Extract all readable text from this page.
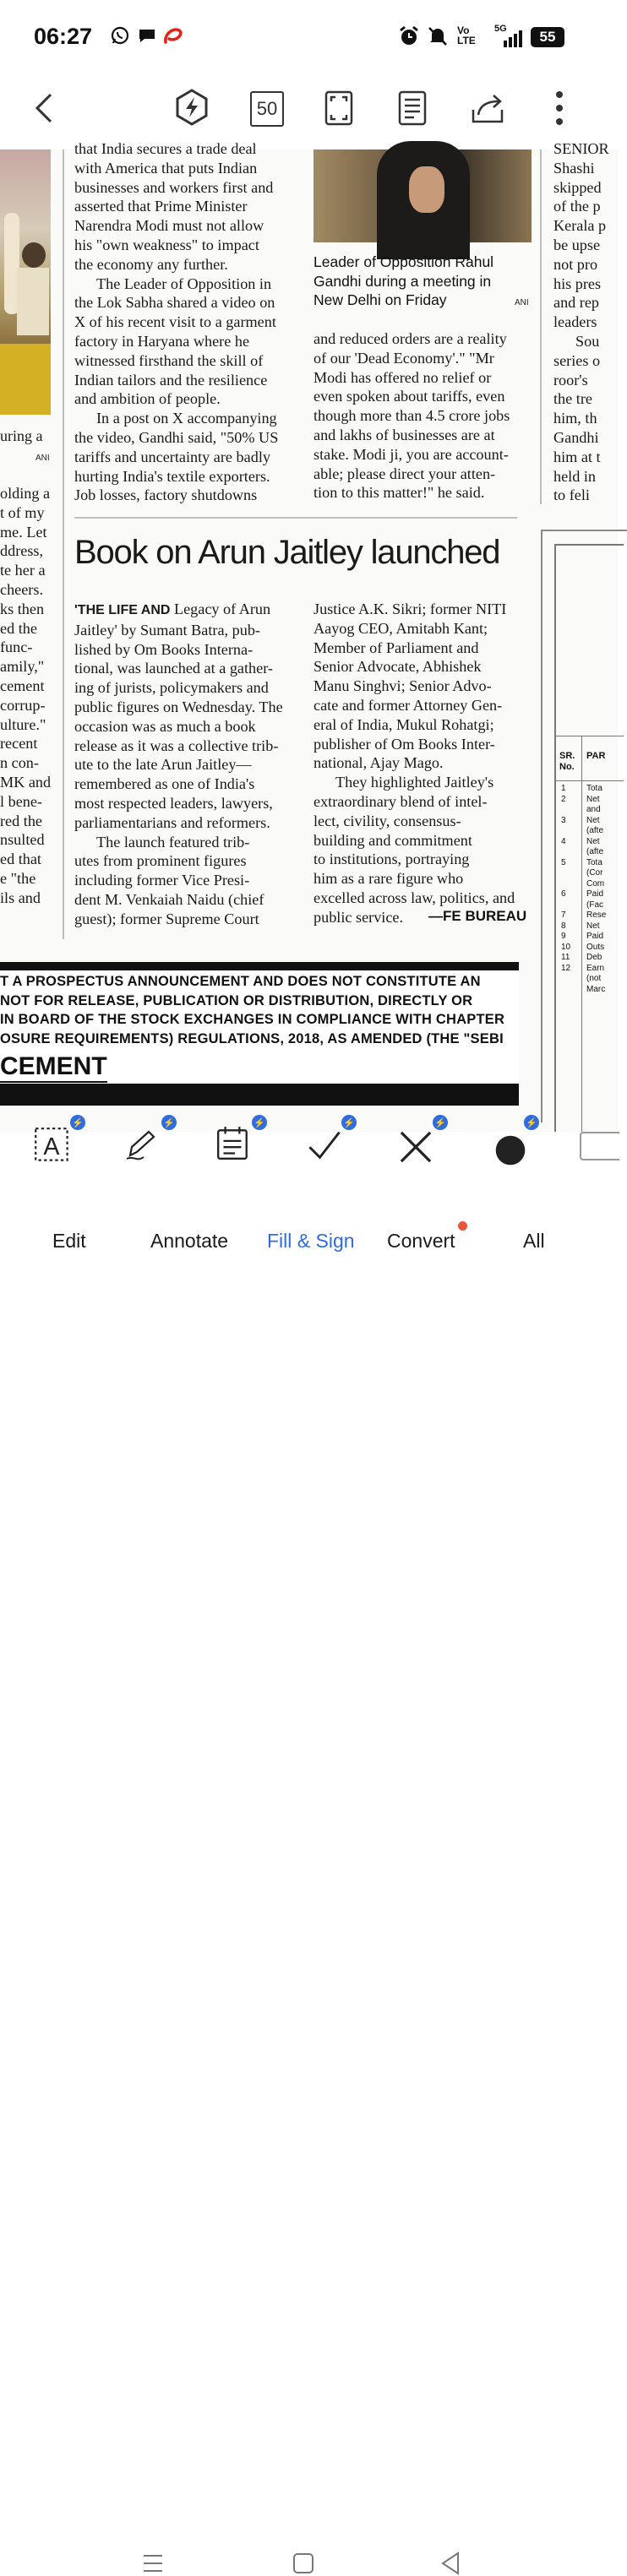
06:27	Vo LTE
5G 55
50
uring a
ANI
olding a
t of my
me. Let
ddress,
te her a
cheers.
ks then
ed the
func-
amily,"
cement
corrup-
ulture."
recent
n con-
MK and
l bene-
red the
nsulted
ed that
e "the
ils and
that India secures a trade deal
with America that puts Indian
businesses and workers first and
asserted that Prime Minister
Narendra Modi must not allow
his "own weakness" to impact
the economy any further.
The Leader of Opposition in
the Lok Sabha shared a video on
X of his recent visit to a garment
factory in Haryana where he
witnessed firsthand the skill of
Indian tailors and the resilience
and ambition of people.
In a post on X accompanying
the video, Gandhi said, "50% US
tariffs and uncertainty are badly
hurting India's textile exporters.
Job losses, factory shutdowns
Leader of Opposition Rahul
Gandhi during a meeting in
New Delhi on Friday	ANI
and reduced orders are a reality
of our 'Dead Economy'." "Mr
Modi has offered no relief or
even spoken about tariffs, even
though more than 4.5 crore jobs
and lakhs of businesses are at
stake. Modi ji, you are account-
able; please direct your atten-
tion to this matter!" he said.
SENIOR
Shashi
skipped
of the p
Kerala p
be upse
not pro
his pres
and rep
leaders
Sou
series o
roor's
the tre
him, th
Gandhi
him at t
held in
to feli
Book on Arun Jaitley launched
'THE LIFE AND Legacy of Arun
Jaitley' by Sumant Batra, pub-
lished by Om Books Interna-
tional, was launched at a gather-
ing of jurists, policymakers and
public figures on Wednesday. The
occasion was as much a book
release as it was a collective trib-
ute to the late Arun Jaitley—
remembered as one of India's
most respected leaders, lawyers,
parliamentarians and reformers.
The launch featured trib-
utes from prominent figures
including former Vice Presi-
dent M. Venkaiah Naidu (chief
guest); former Supreme Court
Justice A.K. Sikri; former NITI
Aayog CEO, Amitabh Kant;
Member of Parliament and
Senior Advocate, Abhishek
Manu Singhvi; Senior Advo-
cate and former Attorney Gen-
eral of India, Mukul Rohatgi;
publisher of Om Books Inter-
national, Ajay Mago.
They highlighted Jaitley's
extraordinary blend of intel-
lect, civility, consensus-
building and commitment
to institutions, portraying
him as a rare figure who
excelled across law, politics, and
public service.	—FE BUREAU
SR.
No.
PAR
1 Tota
2 Net
and
3 Net
(afte
4 Net
(afte
5 Tota
(Cor
Com
6 Paid
(Fac
7 Rese
8 Net
9 Paid
10 Outs
11 Deb
12 Earn
(not
Marc
T A PROSPECTUS ANNOUNCEMENT AND DOES NOT CONSTITUTE AN
NOT FOR RELEASE, PUBLICATION OR DISTRIBUTION, DIRECTLY OR
IN BOARD OF THE STOCK EXCHANGES IN COMPLIANCE WITH CHAPTER
OSURE REQUIREMENTS) REGULATIONS, 2018, AS AMENDED (THE "SEBI
CEMENT
A
⚡	⚡	⚡	⚡	⚡	⚡
Edit	Annotate Fill & Sign Convert	All
